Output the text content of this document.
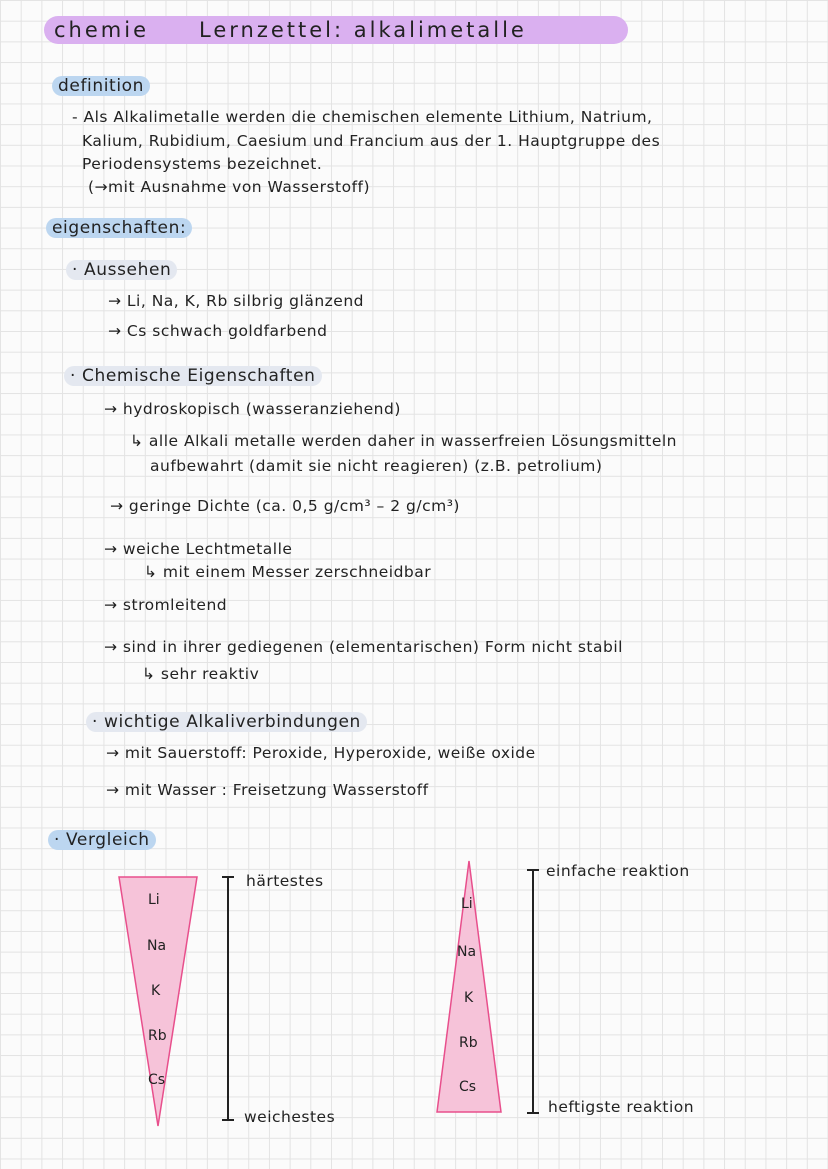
chemie Lernzettel: alkalimetalle
definition
- Als Alkalimetalle werden die chemischen elemente Lithium, Natrium,
Kalium, Rubidium, Caesium und Francium aus der 1. Hauptgruppe des
Periodensystems bezeichnet.
(→mit Ausnahme von Wasserstoff)
eigenschaften:
· Aussehen
→ Li, Na, K, Rb silbrig glänzend
→ Cs schwach goldfarbend
· Chemische Eigenschaften
→ hydroskopisch (wasseranziehend)
↳ alle Alkali metalle werden daher in wasserfreien Lösungsmitteln
aufbewahrt (damit sie nicht reagieren) (z.B. petrolium)
→ geringe Dichte (ca. 0,5 g/cm³ – 2 g/cm³)
→ weiche Lechtmetalle
↳ mit einem Messer zerschneidbar
→ stromleitend
→ sind in ihrer gediegenen (elementarischen) Form nicht stabil
↳ sehr reaktiv
· wichtige Alkaliverbindungen
→ mit Sauerstoff: Peroxide, Hyperoxide, weiße oxide
→ mit Wasser : Freisetzung Wasserstoff
· Vergleich
Li
Na
K
Rb
Cs
härtestes
weichestes
Li
Na
K
Rb
Cs
einfache reaktion
heftigste reaktion
